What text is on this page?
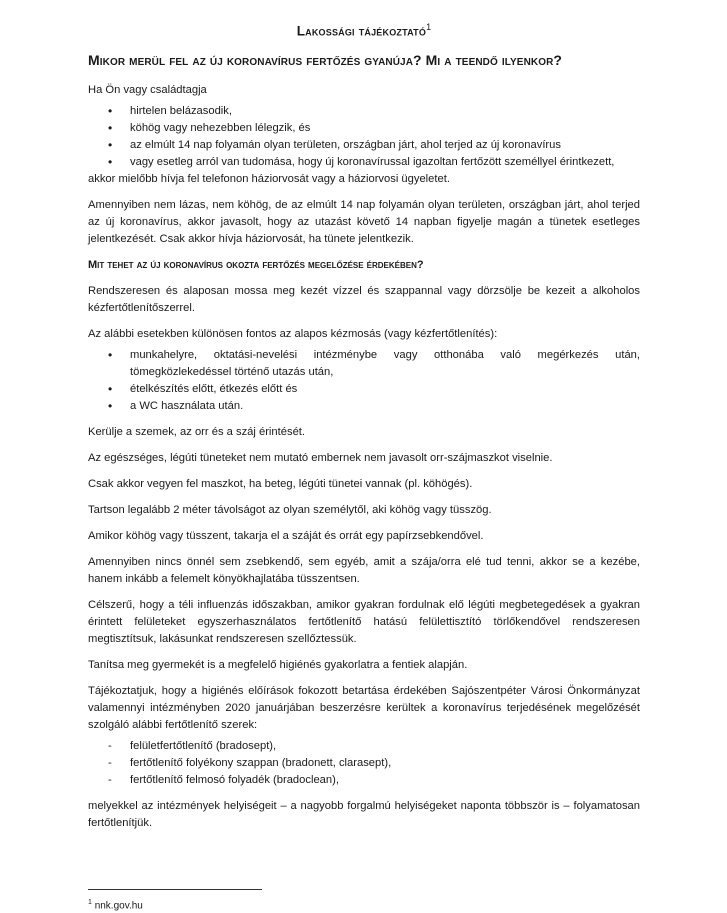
Lakossági tájékoztató$^1$
Mikor merül fel az új koronavírus fertőzés gyanúja? Mi a teendő ilyenkor?

Ha Ön vagy családtagja

• hirtelen belázasodik,
• köhög vagy nehezebben lélegzik, és
• az elmúlt 14 nap folyamán olyan területen, országban járt, ahol terjed az új koronavírus
• vagy esetleg arról van tudomása, hogy új koronavírussal igazoltan fertőzött személlyel érintkezett,

akkor mielőbb hívja fel telefonon háziorvosát vagy a háziorvosi ügyeletet.

Amennyiben nem lázas, nem köhög, de az elmúlt 14 nap folyamán olyan területen, országban járt, ahol terjed az új koronavírus, akkor javasolt, hogy az utazást követő 14 napban figyelje magán a tünetek esetleges jelentkezését. Csak akkor hívja háziorvosát, ha tünete jelentkezik.

Mit tehet az új koronavírus okozta fertőzés megelőzése érdekében?

Rendszeresen és alaposan mossa meg kezét vízzel és szappannal vagy dörzsölje be kezeit a alkoholos kézfertőtlenítőszerrel.

Az alábbi esetekben különösen fontos az alapos kézmosás (vagy kézfertőtlenítés):

• munkahelyre, oktatási-nevelési intézménybe vagy otthonába való megérkezés után, tömegközlekedéssel történő utazás után,
• ételkészítés előtt, étkezés előtt és
• a WC használata után.

Kerülje a szemek, az orr és a száj érintését.

Az egészséges, légúti tüneteket nem mutató embernek nem javasolt orr-szájmaszkot viselnie.

Csak akkor vegyen fel maszkot, ha beteg, légúti tünetei vannak (pl. köhögés).

Tartson legalább 2 méter távolságot az olyan személytől, aki köhög vagy tüsszög.

Amikor köhög vagy tüsszent, takarja el a száját és orrát egy papírzsebkendővel.

Amennyiben nincs önnél sem zsebkendő, sem egyéb, amit a szája/orra elé tud tenni, akkor se a kezébe, hanem inkább a felemelt könyökhajlatába tüsszentsen.

Célszerű, hogy a téli influenzás időszakban, amikor gyakran fordulnak elő légúti megbetegedések a gyakran érintett felületeket egyszerhasználatos fertőtlenítő hatású felülettisztító törlőkendővel rendszeresen megtisztítsuk, lakásunkat rendszeresen szellőztessük.

Tanítsa meg gyermekét is a megfelelő higiénés gyakorlatra a fentiek alapján.

Tájékoztatjuk, hogy a higiénés előírások fokozott betartása érdekében Sajószentpéter Városi Önkormányzat valamennyi intézményben 2020 januárjában beszerzésre kerültek a koronavírus terjedésének megelőzését szolgáló alábbi fertőtlenítő szerek:

- felületfertőtlenítő (bradosept),
- fertőtlenítő folyékony szappan (bradonett, clarasept),
- fertőtlenítő felmosó folyadék (bradoclean),

melyekkel az intézmények helyiségeit – a nagyobb forgalmú helyiségeket naponta többször is – folyamatosan fertőtlenítjük.

$^1$ nnk.gov.hu
